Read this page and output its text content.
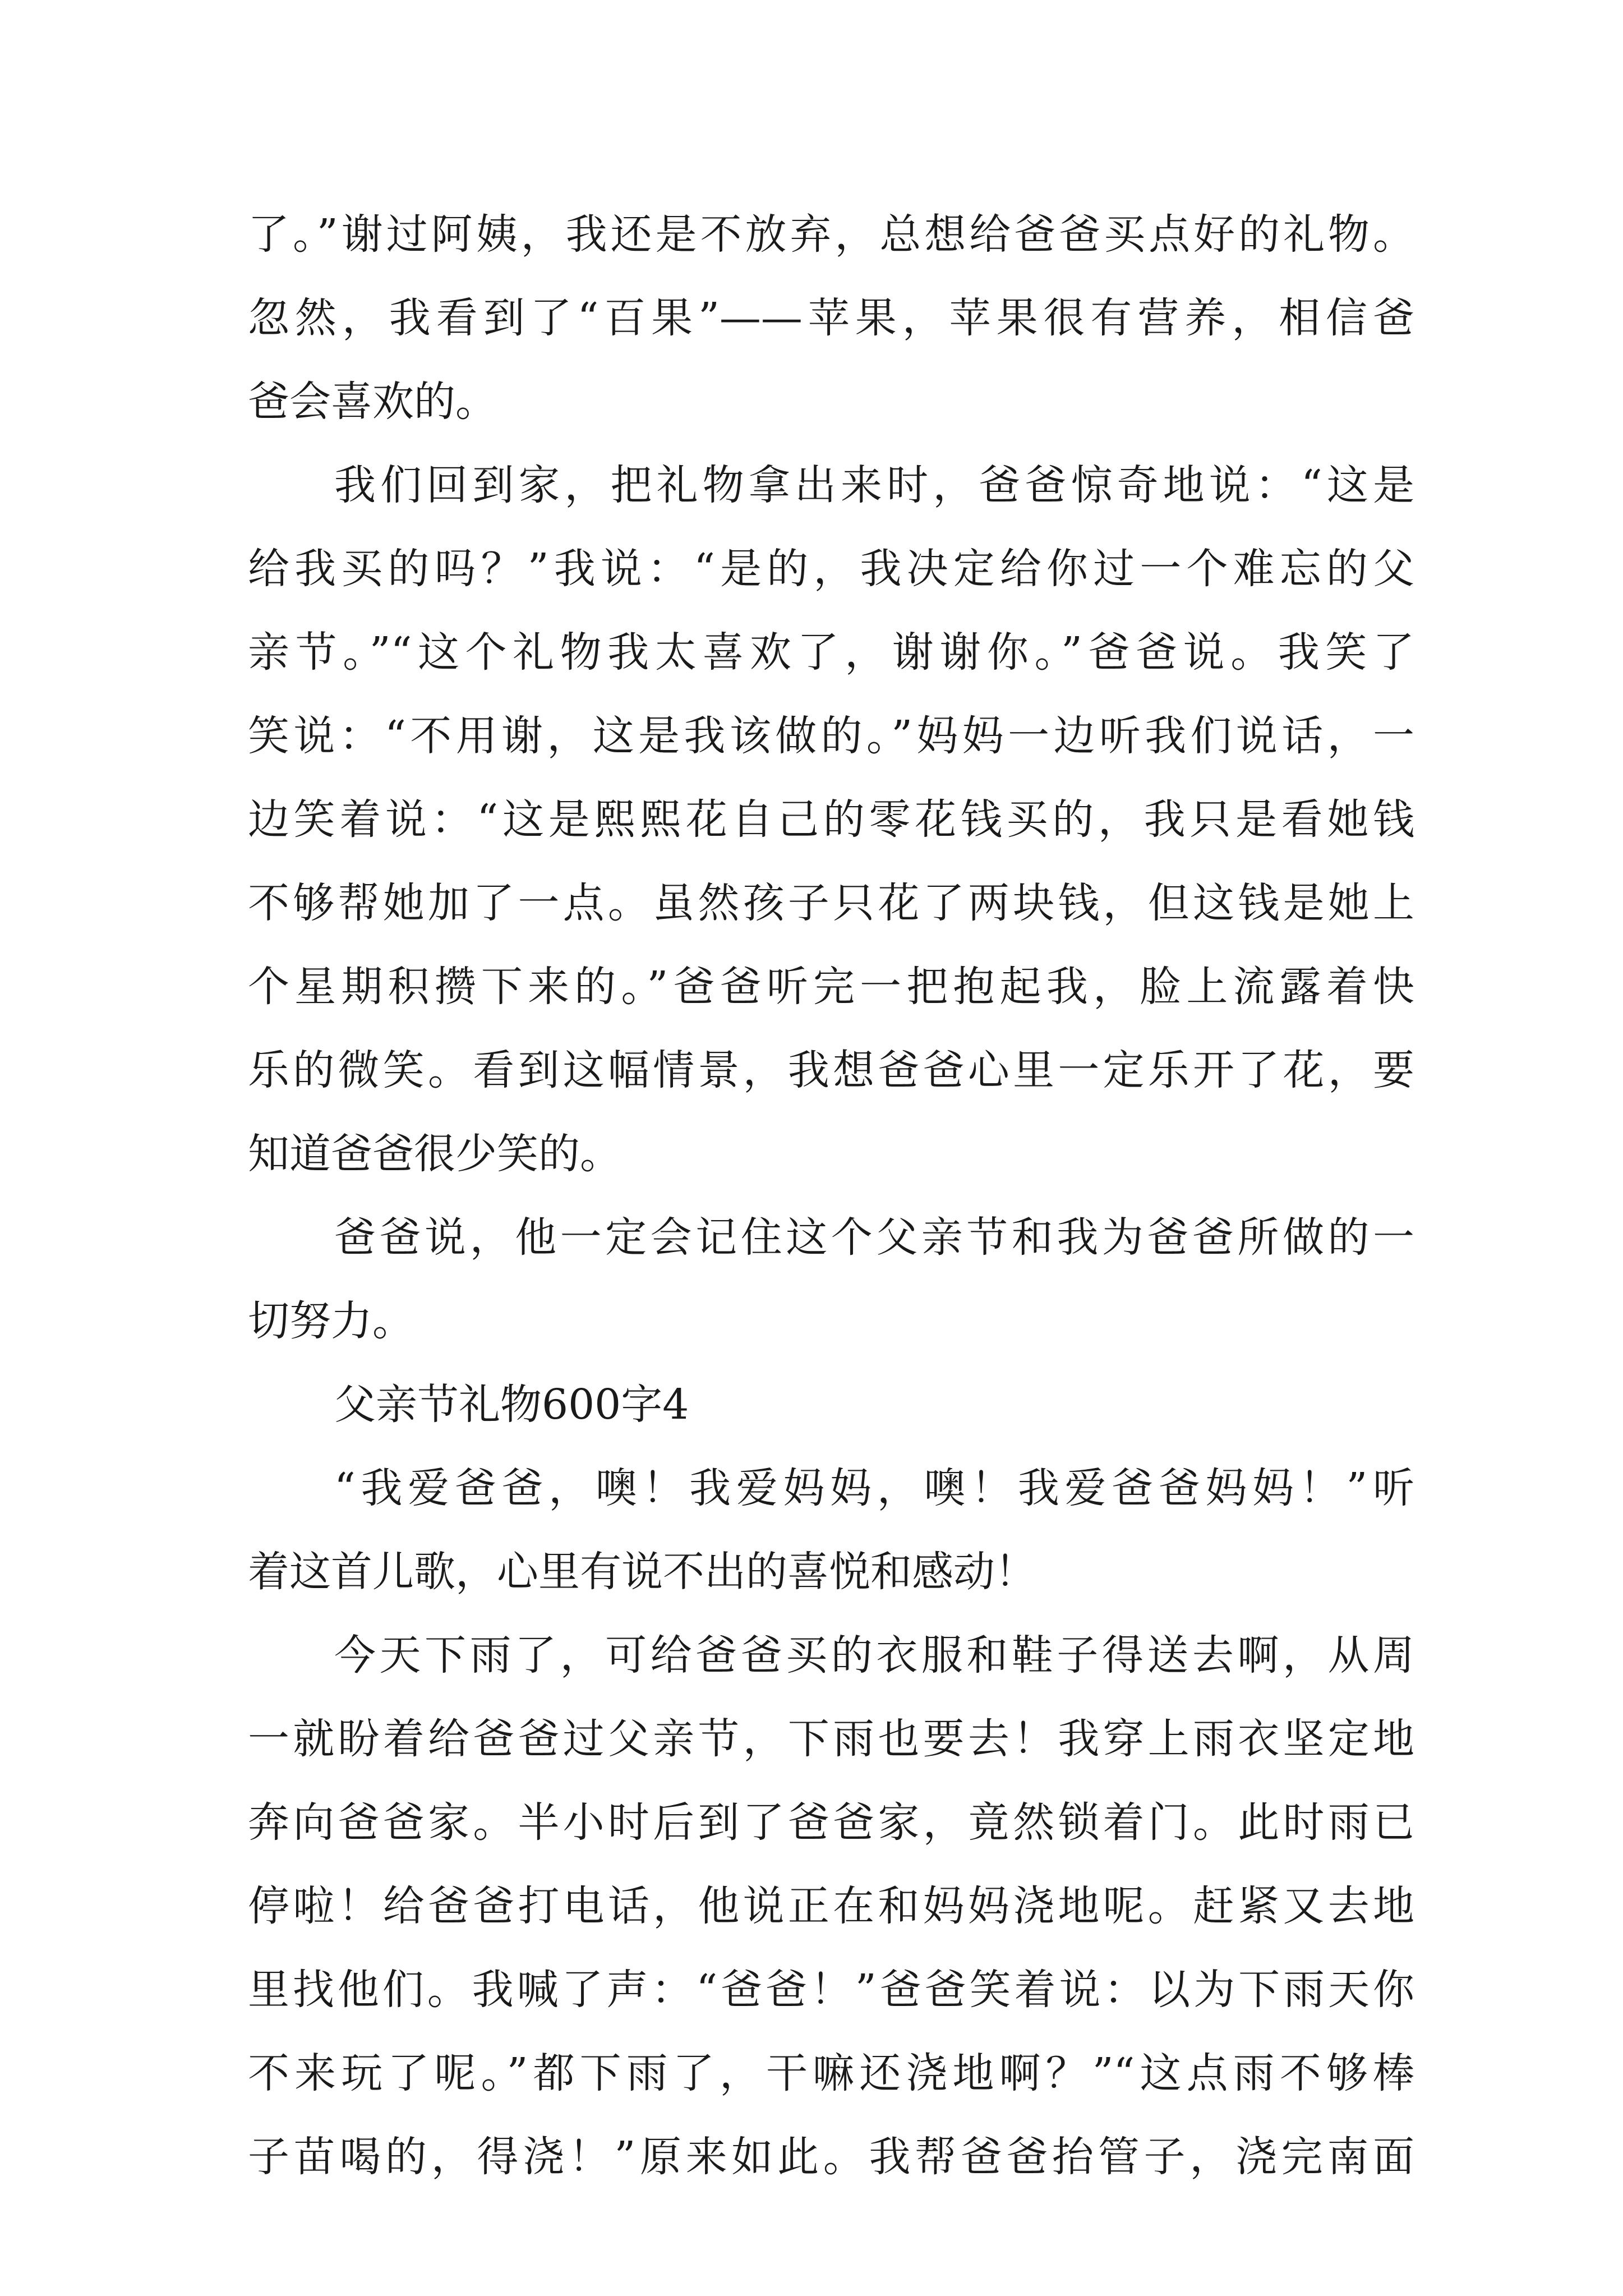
了。”谢过阿姨，我还是不放弃，总想给爸爸买点好的礼物。
忽然，我看到了“百果”——苹果，苹果很有营养，相信爸
爸会喜欢的。
我们回到家，把礼物拿出来时，爸爸惊奇地说：“这是
给我买的吗？”我说：“是的，我决定给你过一个难忘的父
亲节。”“这个礼物我太喜欢了，谢谢你。”爸爸说。我笑了
笑说：“不用谢，这是我该做的。”妈妈一边听我们说话，一
边笑着说：“这是熙熙花自己的零花钱买的，我只是看她钱
不够帮她加了一点。虽然孩子只花了两块钱，但这钱是她上
个星期积攒下来的。”爸爸听完一把抱起我，脸上流露着快
乐的微笑。看到这幅情景，我想爸爸心里一定乐开了花，要
知道爸爸很少笑的。
爸爸说，他一定会记住这个父亲节和我为爸爸所做的一
切努力。
父亲节礼物600字4
“我爱爸爸，噢！我爱妈妈，噢！我爱爸爸妈妈！”听
着这首儿歌，心里有说不出的喜悦和感动！
今天下雨了，可给爸爸买的衣服和鞋子得送去啊，从周
一就盼着给爸爸过父亲节，下雨也要去！我穿上雨衣坚定地
奔向爸爸家。半小时后到了爸爸家，竟然锁着门。此时雨已
停啦！给爸爸打电话，他说正在和妈妈浇地呢。赶紧又去地
里找他们。我喊了声：“爸爸！”爸爸笑着说：以为下雨天你
不来玩了呢。”都下雨了，干嘛还浇地啊？”“这点雨不够棒
子苗喝的，得浇！”原来如此。我帮爸爸抬管子，浇完南面
